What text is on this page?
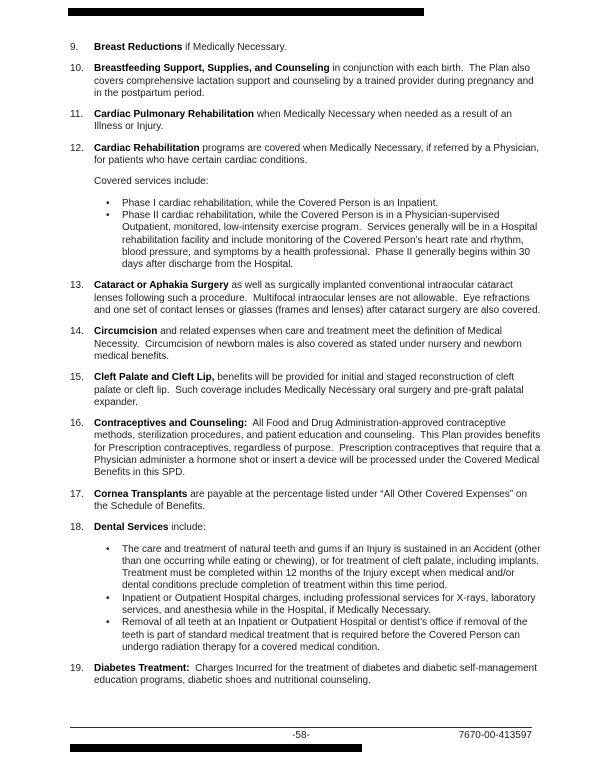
9.	Breast Reductions if Medically Necessary.

10.	Breastfeeding Support, Supplies, and Counseling in conjunction with each birth.  The Plan also covers comprehensive lactation support and counseling by a trained provider during pregnancy and in the postpartum period.

11.	Cardiac Pulmonary Rehabilitation when Medically Necessary when needed as a result of an Illness or Injury.

12.	Cardiac Rehabilitation programs are covered when Medically Necessary, if referred by a Physician, for patients who have certain cardiac conditions.

Covered services include:

• Phase I cardiac rehabilitation, while the Covered Person is an Inpatient.
• Phase II cardiac rehabilitation, while the Covered Person is in a Physician-supervised Outpatient, monitored, low-intensity exercise program.  Services generally will be in a Hospital rehabilitation facility and include monitoring of the Covered Person’s heart rate and rhythm, blood pressure, and symptoms by a health professional.  Phase II generally begins within 30 days after discharge from the Hospital.
13.	Cataract or Aphakia Surgery as well as surgically implanted conventional intraocular cataract lenses following such a procedure.  Multifocal intraocular lenses are not allowable.  Eye refractions and one set of contact lenses or glasses (frames and lenses) after cataract surgery are also covered.

14.	Circumcision and related expenses when care and treatment meet the definition of Medical Necessity.  Circumcision of newborn males is also covered as stated under nursery and newborn medical benefits.

15.	Cleft Palate and Cleft Lip, benefits will be provided for initial and staged reconstruction of cleft palate or cleft lip.  Such coverage includes Medically Necessary oral surgery and pre-graft palatal expander.

16.	Contraceptives and Counseling:  All Food and Drug Administration-approved contraceptive methods, sterilization procedures, and patient education and counseling.  This Plan provides benefits for Prescription contraceptives, regardless of purpose.  Prescription contraceptives that require that a Physician administer a hormone shot or insert a device will be processed under the Covered Medical Benefits in this SPD.

17.	Cornea Transplants are payable at the percentage listed under “All Other Covered Expenses” on the Schedule of Benefits.

18.	Dental Services include:

• The care and treatment of natural teeth and gums if an Injury is sustained in an Accident (other than one occurring while eating or chewing), or for treatment of cleft palate, including implants.  Treatment must be completed within 12 months of the Injury except when medical and/or dental conditions preclude completion of treatment within this time period.
• Inpatient or Outpatient Hospital charges, including professional services for X-rays, laboratory services, and anesthesia while in the Hospital, if Medically Necessary.
• Removal of all teeth at an Inpatient or Outpatient Hospital or dentist’s office if removal of the teeth is part of standard medical treatment that is required before the Covered Person can undergo radiation therapy for a covered medical condition.
19.	Diabetes Treatment:  Charges Incurred for the treatment of diabetes and diabetic self-management education programs, diabetic shoes and nutritional counseling.

-58-	7670-00-413597
